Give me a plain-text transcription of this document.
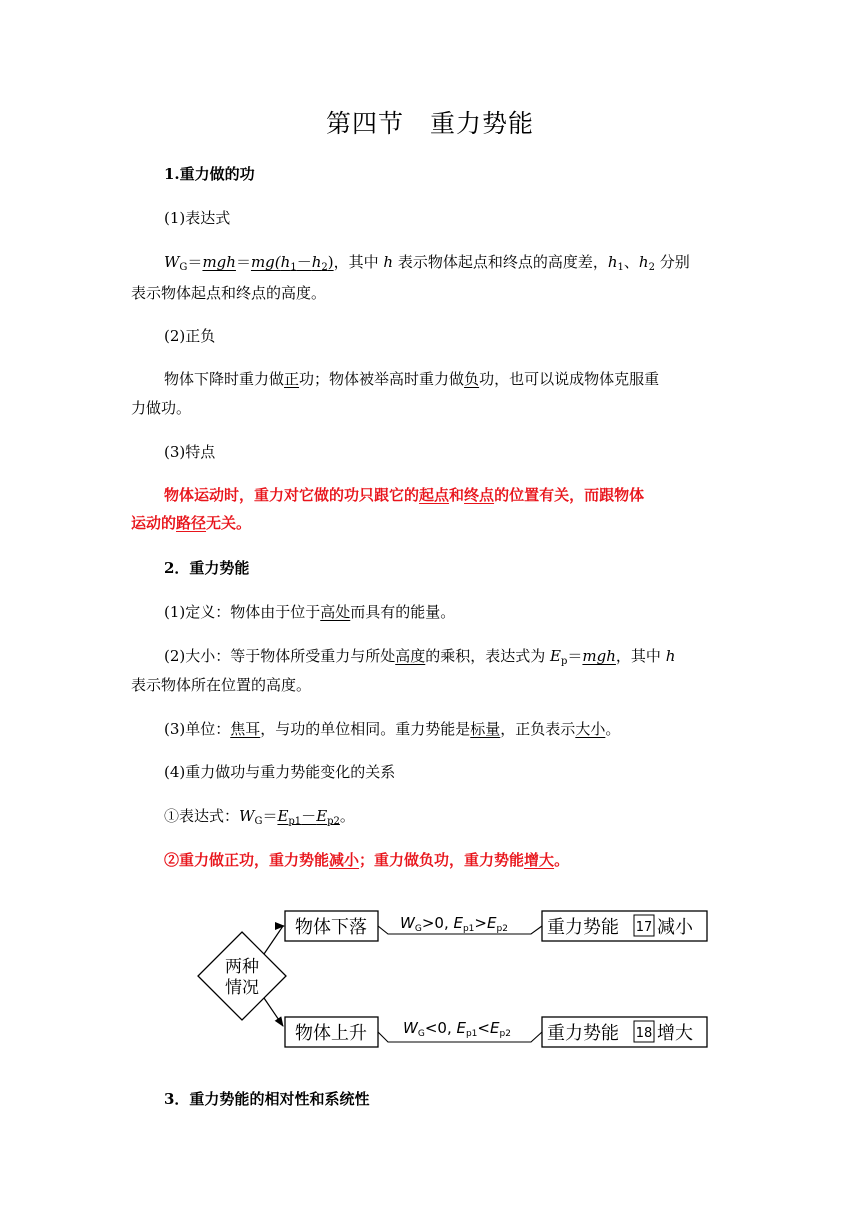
第四节 重力势能
1.重力做的功
(1)表达式
$W_G=mgh=mg(h_1-h_2)$，其中 h 表示物体起点和终点的高度差，$h_1$、$h_2$ 分别
表示物体起点和终点的高度。
(2)正负
物体下降时重力做正功；物体被举高时重力做负功，也可以说成物体克服重
力做功。
(3)特点
物体运动时，重力对它做的功只跟它的起点和终点的位置有关，而跟物体
运动的路径无关。
2．重力势能
(1)定义：物体由于位于高处而具有的能量。
(2)大小：等于物体所受重力与所处高度的乘积，表达式为 $E_p=mgh$，其中 h
表示物体所在位置的高度。
(3)单位：焦耳，与功的单位相同。重力势能是标量，正负表示大小。
(4)重力做功与重力势能变化的关系
①表达式：$W_G=E_{p1}-E_{p2}$。
②重力做正功，重力势能减小；重力做负功，重力势能增大。
两种
情况
物体下落 $W_G>0$, $E_{p1}>E_{p2}$ 重力势能 17 减小
物体上升 $W_G<0$, $E_{p1}<E_{p2}$ 重力势能 18 增大
3．重力势能的相对性和系统性
